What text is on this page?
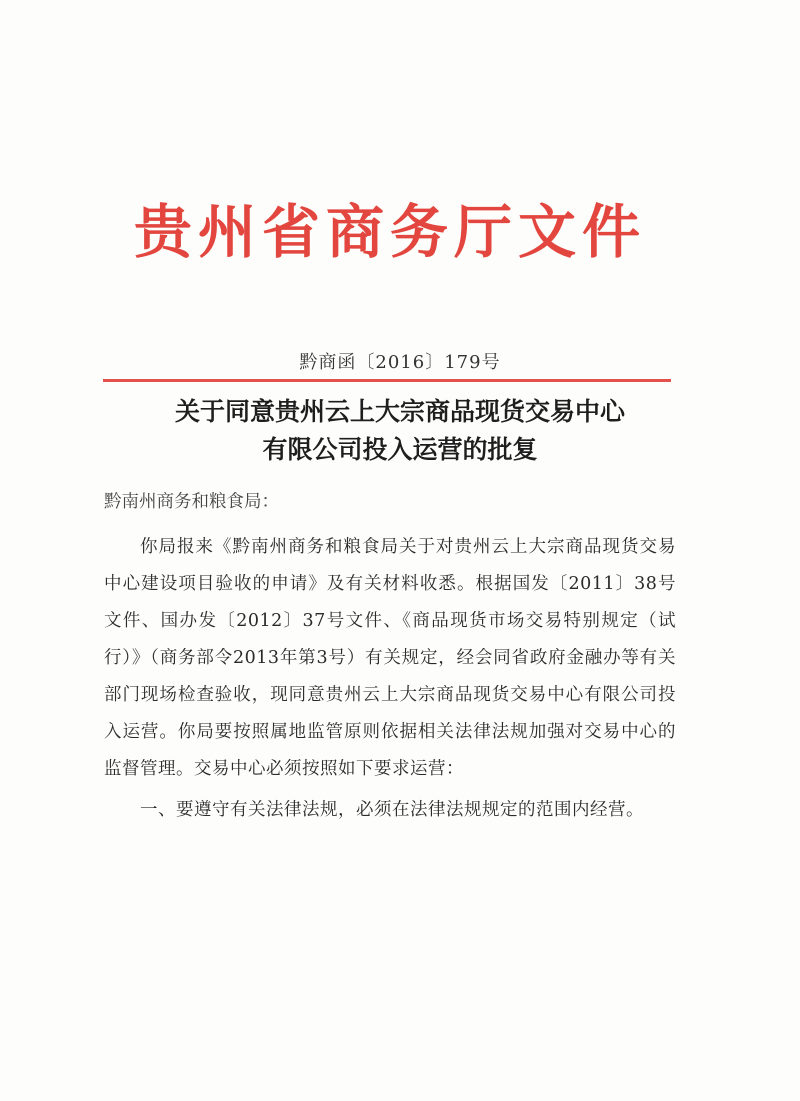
贵州省商务厅文件
黔商函〔2016〕179号
关于同意贵州云上大宗商品现货交易中心
有限公司投入运营的批复
黔南州商务和粮食局：

你局报来《黔南州商务和粮食局关于对贵州云上大宗商品现货交易中心建设项目验收的申请》及有关材料收悉。根据国发〔2011〕38号文件、国办发〔2012〕37号文件、《商品现货市场交易特别规定（试行）》（商务部令2013年第3号）有关规定，经会同省政府金融办等有关部门现场检查验收，现同意贵州云上大宗商品现货交易中心有限公司投入运营。你局要按照属地监管原则依据相关法律法规加强对交易中心的监督管理。交易中心必须按照如下要求运营：

一、要遵守有关法律法规，必须在法律法规规定的范围内经营。
